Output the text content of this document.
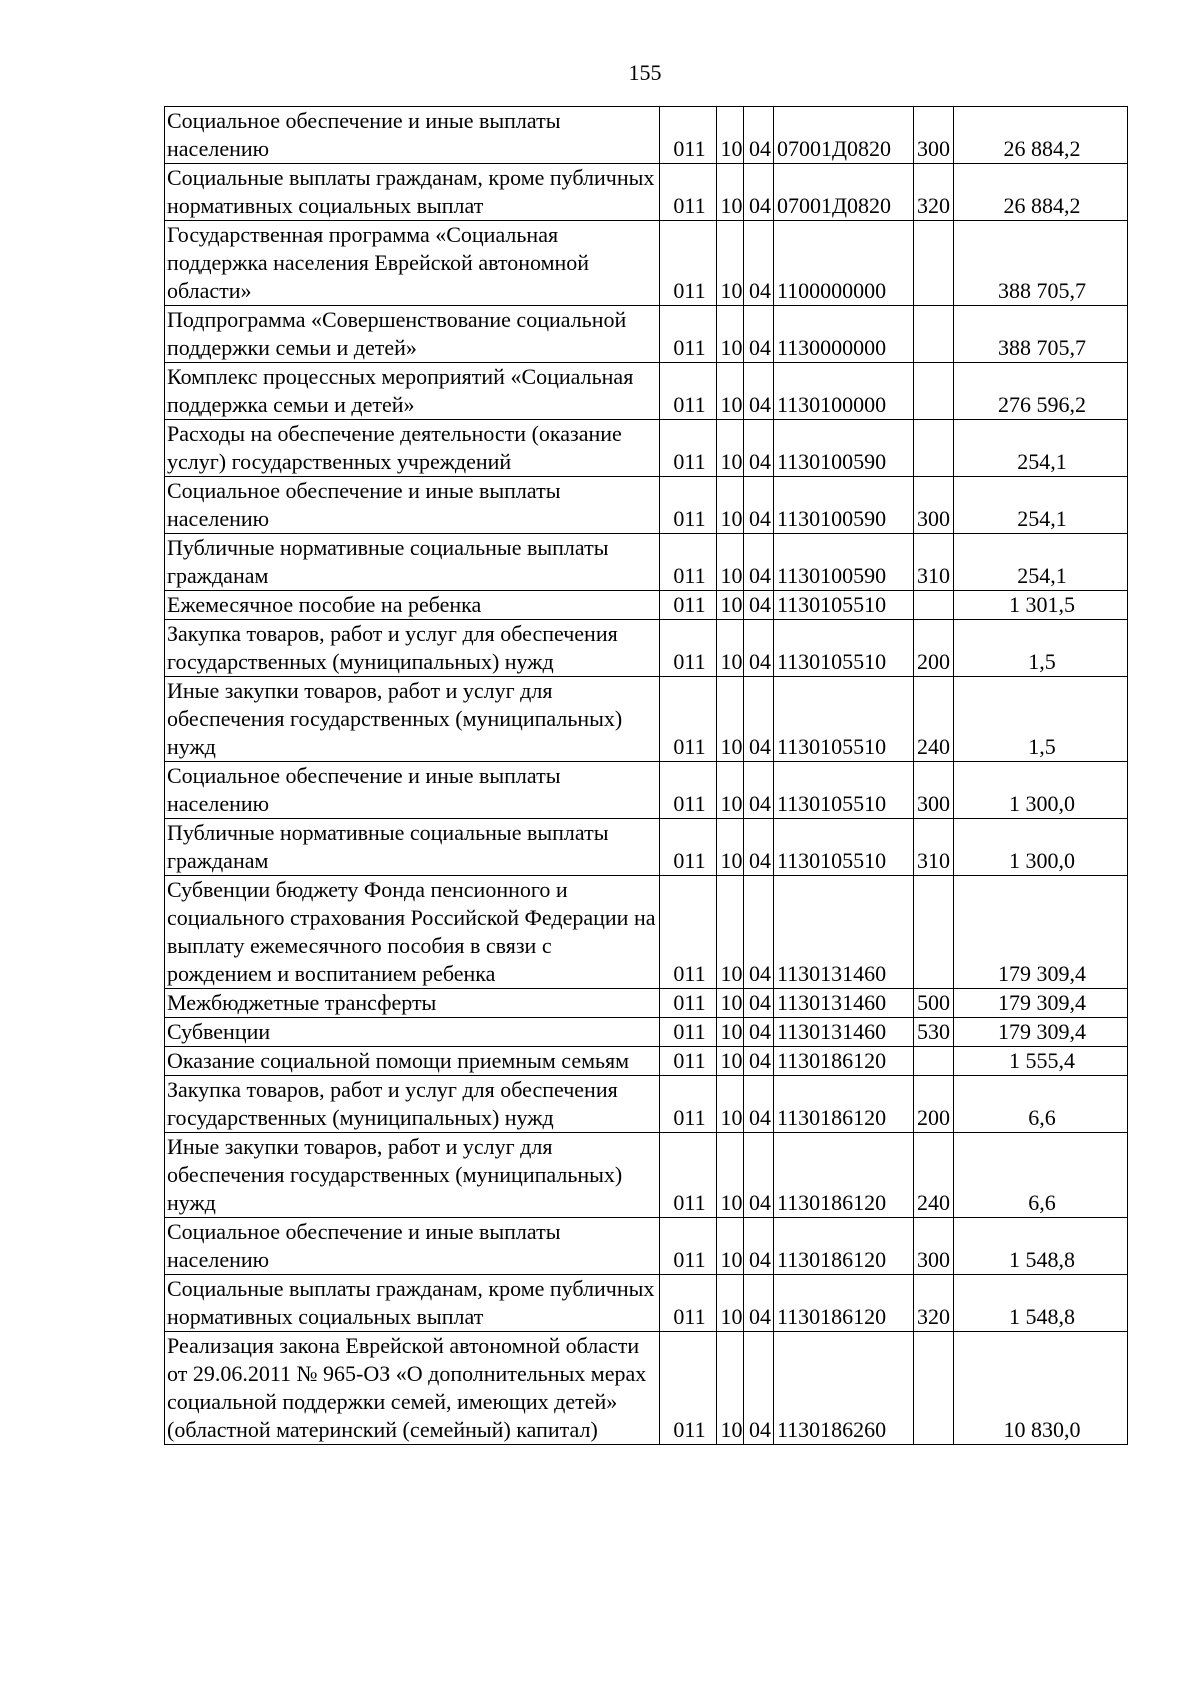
155
Социальное обеспечение и иные выплаты населению	011	10	04	07001Д0820	300	26 884,2

Социальные выплаты гражданам, кроме публичных нормативных социальных выплат	011	10	04	07001Д0820	320	26 884,2

Государственная программа «Социальная поддержка населения Еврейской автономной области»	011	10	04	1100000000		388 705,7

Подпрограмма «Совершенствование социальной поддержки семьи и детей»	011	10	04	1130000000		388 705,7

Комплекс процессных мероприятий «Социальная поддержка семьи и детей»	011	10	04	1130100000		276 596,2

Расходы на обеспечение деятельности (оказание услуг) государственных учреждений	011	10	04	1130100590		254,1

Социальное обеспечение и иные выплаты населению	011	10	04	1130100590	300	254,1

Публичные нормативные социальные выплаты гражданам	011	10	04	1130100590	310	254,1

Ежемесячное пособие на ребенка	011	10	04	1130105510		1 301,5

Закупка товаров, работ и услуг для обеспечения государственных (муниципальных) нужд	011	10	04	1130105510	200	1,5

Иные закупки товаров, работ и услуг для обеспечения государственных (муниципальных) нужд	011	10	04	1130105510	240	1,5

Социальное обеспечение и иные выплаты населению	011	10	04	1130105510	300	1 300,0

Публичные нормативные социальные выплаты гражданам	011	10	04	1130105510	310	1 300,0

Субвенции бюджету Фонда пенсионного и социального страхования Российской Федерации на выплату ежемесячного пособия в связи с рождением и воспитанием ребенка	011	10	04	1130131460		179 309,4

Межбюджетные трансферты	011	10	04	1130131460	500	179 309,4

Субвенции	011	10	04	1130131460	530	179 309,4

Оказание социальной помощи приемным семьям	011	10	04	1130186120		1 555,4

Закупка товаров, работ и услуг для обеспечения государственных (муниципальных) нужд	011	10	04	1130186120	200	6,6

Иные закупки товаров, работ и услуг для обеспечения государственных (муниципальных) нужд	011	10	04	1130186120	240	6,6

Социальное обеспечение и иные выплаты населению	011	10	04	1130186120	300	1 548,8

Социальные выплаты гражданам, кроме публичных нормативных социальных выплат	011	10	04	1130186120	320	1 548,8

Реализация закона Еврейской автономной области от 29.06.2011 № 965-ОЗ «О дополнительных мерах социальной поддержки семей, имеющих детей» (областной материнский (семейный) капитал)	011	10	04	1130186260		10 830,0
